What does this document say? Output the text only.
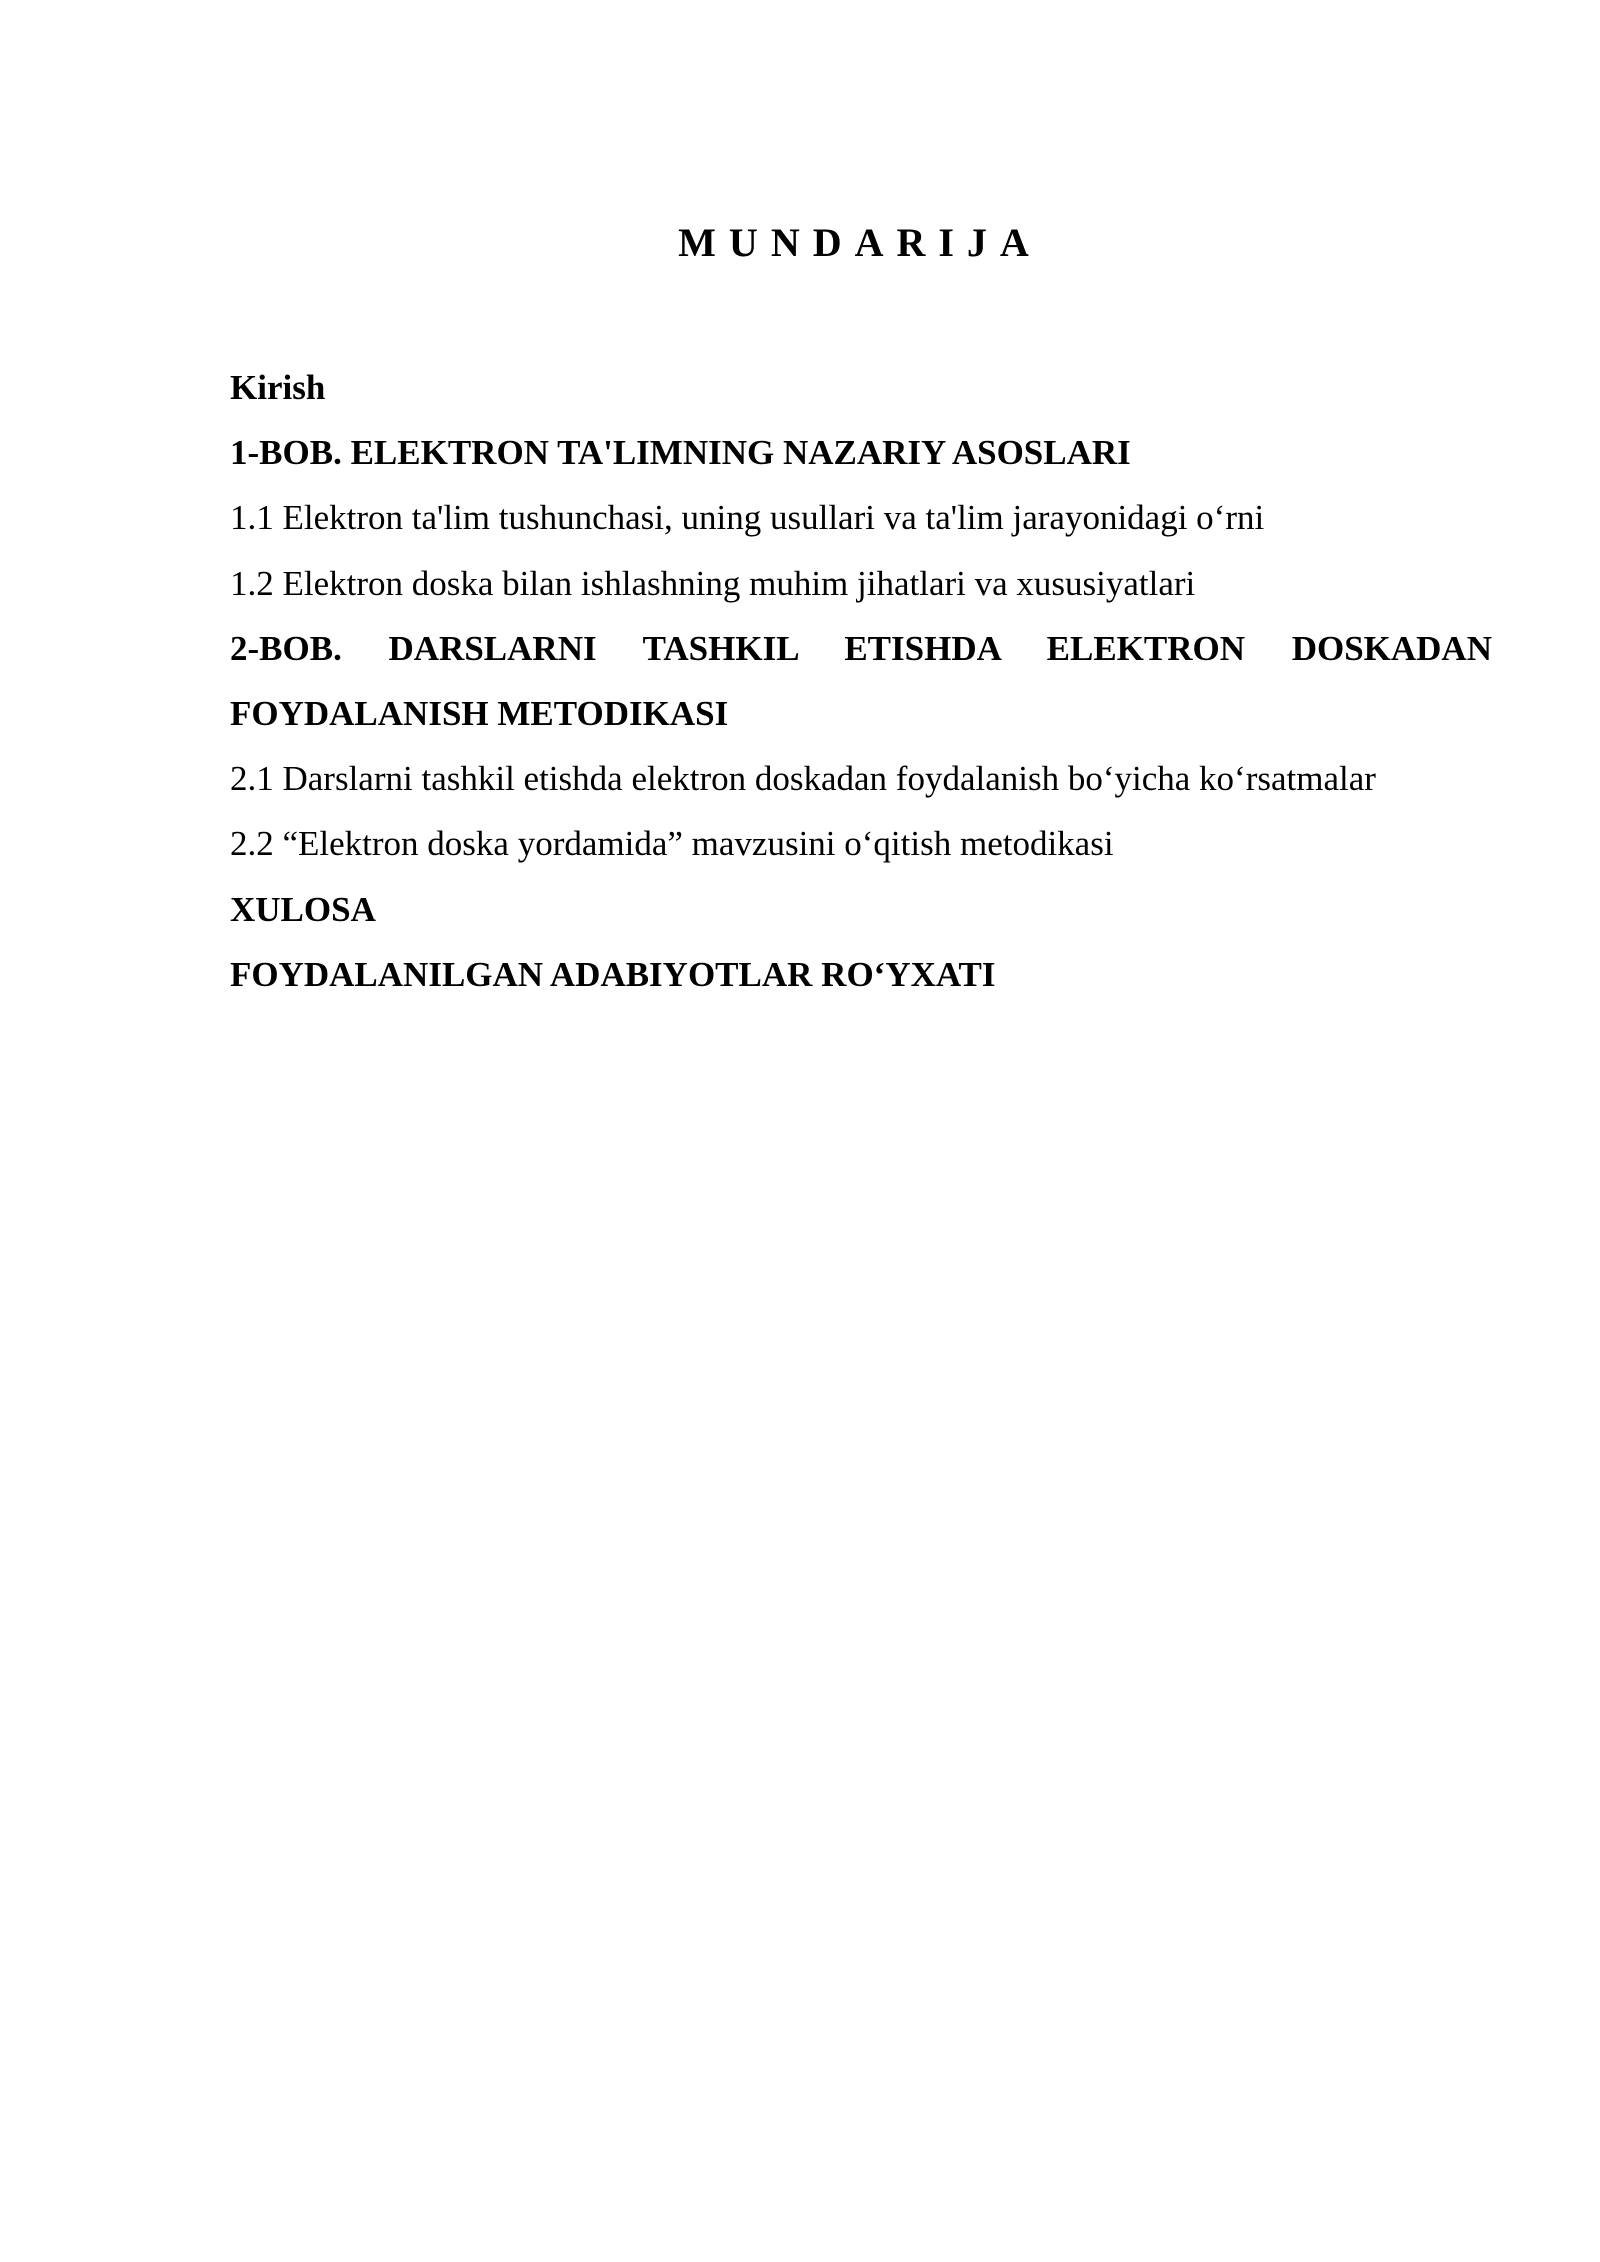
MUNDARIJA
Kirish
1-BOB. ELEKTRON TA'LIMNING NAZARIY ASOSLARI
1.1 Elektron ta'lim tushunchasi, uning usullari va ta'lim jarayonidagi o‘rni
1.2 Elektron doska bilan ishlashning muhim jihatlari va xususiyatlari
2-BOB. DARSLARNI TASHKIL ETISHDA ELEKTRON DOSKADAN FOYDALANISH METODIKASI
2.1 Darslarni tashkil etishda elektron doskadan foydalanish bo‘yicha ko‘rsatmalar
2.2 “Elektron doska yordamida” mavzusini o‘qitish metodikasi
XULOSA
FOYDALANILGAN ADABIYOTLAR RO‘YXATI
